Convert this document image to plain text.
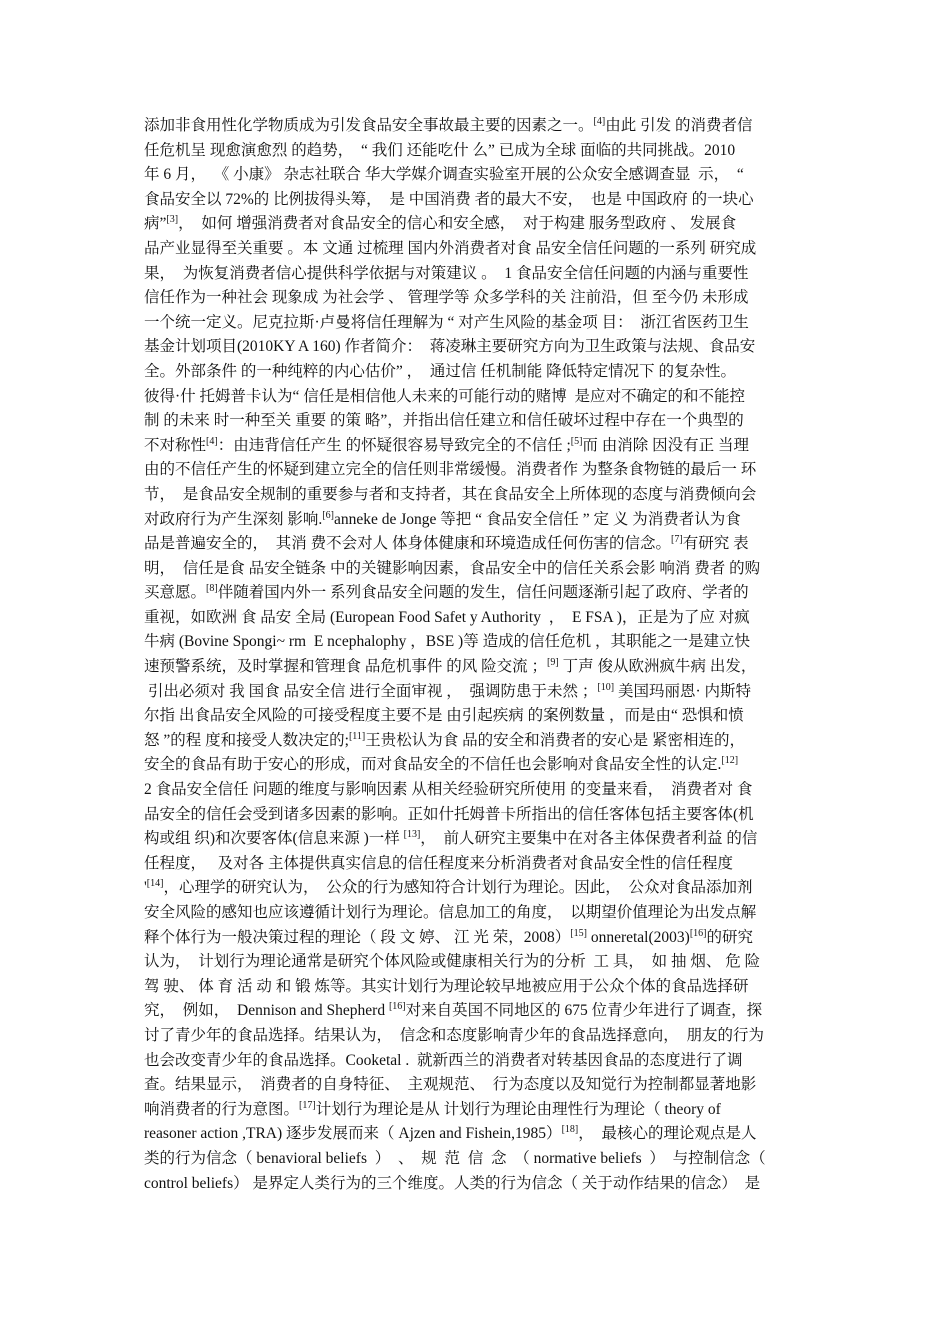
添加非食用性化学物质成为引发食品安全事故最主要的因素之一。[4]由此 引发 的消费者信
任危机呈 现愈演愈烈 的趋势，  “ 我们 还能吃什 么” 已成为全球 面临的共同挑战。2010
年 6 月，  《 小康》 杂志社联合 华大学媒介调查实验室开展的公众安全感调查显  示，  “
食品安全以 72%的 比例拔得头筹，  是 中国消费 者的最大不安，  也是 中国政府 的一块心
病”[3]，  如何 增强消费者对食品安全的信心和安全感，  对于构建 服务型政府 、 发展食
品产业显得至关重要 。本 文通 过梳理 国内外消费者对食 品安全信任问题的一系列 研究成
果，  为恢复消费者信心提供科学依据与对策建议 。  1 食品安全信任问题的内涵与重要性
信任作为一种社会 现象成 为社会学 、 管理学等 众多学科的关 注前沿，但 至今仍 未形成
一个统一定义。尼克拉斯·卢曼将信任理解为 “ 对产生风险的基金项 目：  浙江省医药卫生
基金计划项目(2010KY A 160) 作者简介：  蒋凌琳主要研究方向为卫生政策与法规、食品安
全。外部条件 的一种纯粹的内心估价” ，  通过信 任机制能 降低特定情况下 的复杂性。
彼得·什 托姆普卡认为“ 信任是相信他人未来的可能行动的赌博  是应对不确定的和不能控
制 的未来 时一种至关 重要 的策 略”，并指出信任建立和信任破坏过程中存在一个典型的
不对称性[4]：由违背信任产生 的怀疑很容易导致完全的不信任 ;[5]而 由消除 因没有正 当理
由的不信任产生的怀疑到建立完全的信任则非常缓慢。消费者作 为整条食物链的最后一 环
节，  是食品安全规制的重要参与者和支持者，其在食品安全上所体现的态度与消费倾向会
对政府行为产生深刻 影响.[6]anneke de Jonge 等把 “ 食品安全信任 ” 定 义 为消费者认为食
品是普遍安全的，  其消 费不会对人 体身体健康和环境造成任何伤害的信念。[7]有研究 表
明，  信任是食 品安全链条 中的关键影响因素，食品安全中的信任关系会影 响消 费者 的购
买意愿。[8]伴随着国内外一 系列食品安全问题的发生，信任问题逐渐引起了政府、学者的
重视，如欧洲 食 品安 全局 (European Food Safet y Authority  ，  E FSA )，正是为了应 对疯
牛病 (Bovine Spongi~ rm  E ncephalophy ，BSE )等 造成的信任危机 ，其职能之一是建立快
速预警系统，及时掌握和管理食 品危机事件 的风 险交流 ；[9] 丁声 俊从欧洲疯牛病 出发，
引出必须对 我 国食 品安全信 进行全面审视 ，  强调防患于未然 ；[10] 美国玛丽恩· 内斯特
尔指 出食品安全风险的可接受程度主要不是 由引起疾病 的案例数量 ，而是由“ 恐惧和愤
怒 ”的程 度和接受人数决定的;[11]王贵松认为食 品的安全和消费者的安心是 紧密相连的，
安全的食品有助于安心的形成，而对食品安全的不信任也会影响对食品安全性的认定.[12]
2 食品安全信任 问题的维度与影响因素 从相关经验研究所使用 的变量来看，  消费者对 食
品安全的信任会受到诸多因素的影响。正如什托姆普卡所指出的信任客体包括主要客体(机
构或组 织)和次要客体(信息来源 )一样 [13]，  前人研究主要集中在对各主体保费者利益 的信
任程度，   及对各 主体提供真实信息的信任程度来分析消费者对食品安全性的信任程度
'[14]，心理学的研究认为，  公众的行为感知符合计划行为理论。因此，  公众对食品添加剂
安全风险的感知也应该遵循计划行为理论。信息加工的角度，  以期望价值理论为出发点解
释个体行为一般决策过程的理论（ 段 文 婷、 江 光 荣，2008）[15] onneretal(2003)[16]的研究
认为，  计划行为理论通常是研究个体风险或健康相关行为的分析  工 具，  如 抽 烟、 危 险
驾 驶、 体 育 活 动 和 锻 炼等。其实计划行为理论较早地被应用于公众个体的食品选择研
究，  例如，  Dennison and Shepherd [16]对来自英国不同地区的 675 位青少年进行了调查，探
讨了青少年的食品选择。结果认为，  信念和态度影响青少年的食品选择意向，  朋友的行为
也会改变青少年的食品选择。Cooketal .  就新西兰的消费者对转基因食品的态度进行了调
查。结果显示，  消费者的自身特征、  主观规范、  行为态度以及知觉行为控制都显著地影
响消费者的行为意图。[17]计划行为理论是从 计划行为理论由理性行为理论（ theory of
reasoner action ,TRA) 逐步发展而来（ Ajzen and Fishein,1985）[18]，  最核心的理论观点是人
类的行为信念（ benavioral beliefs  ）  、  规  范  信  念  （ normative beliefs  ）  与控制信念（
control beliefs） 是界定人类行为的三个维度。人类的行为信念（ 关于动作结果的信念）  是
